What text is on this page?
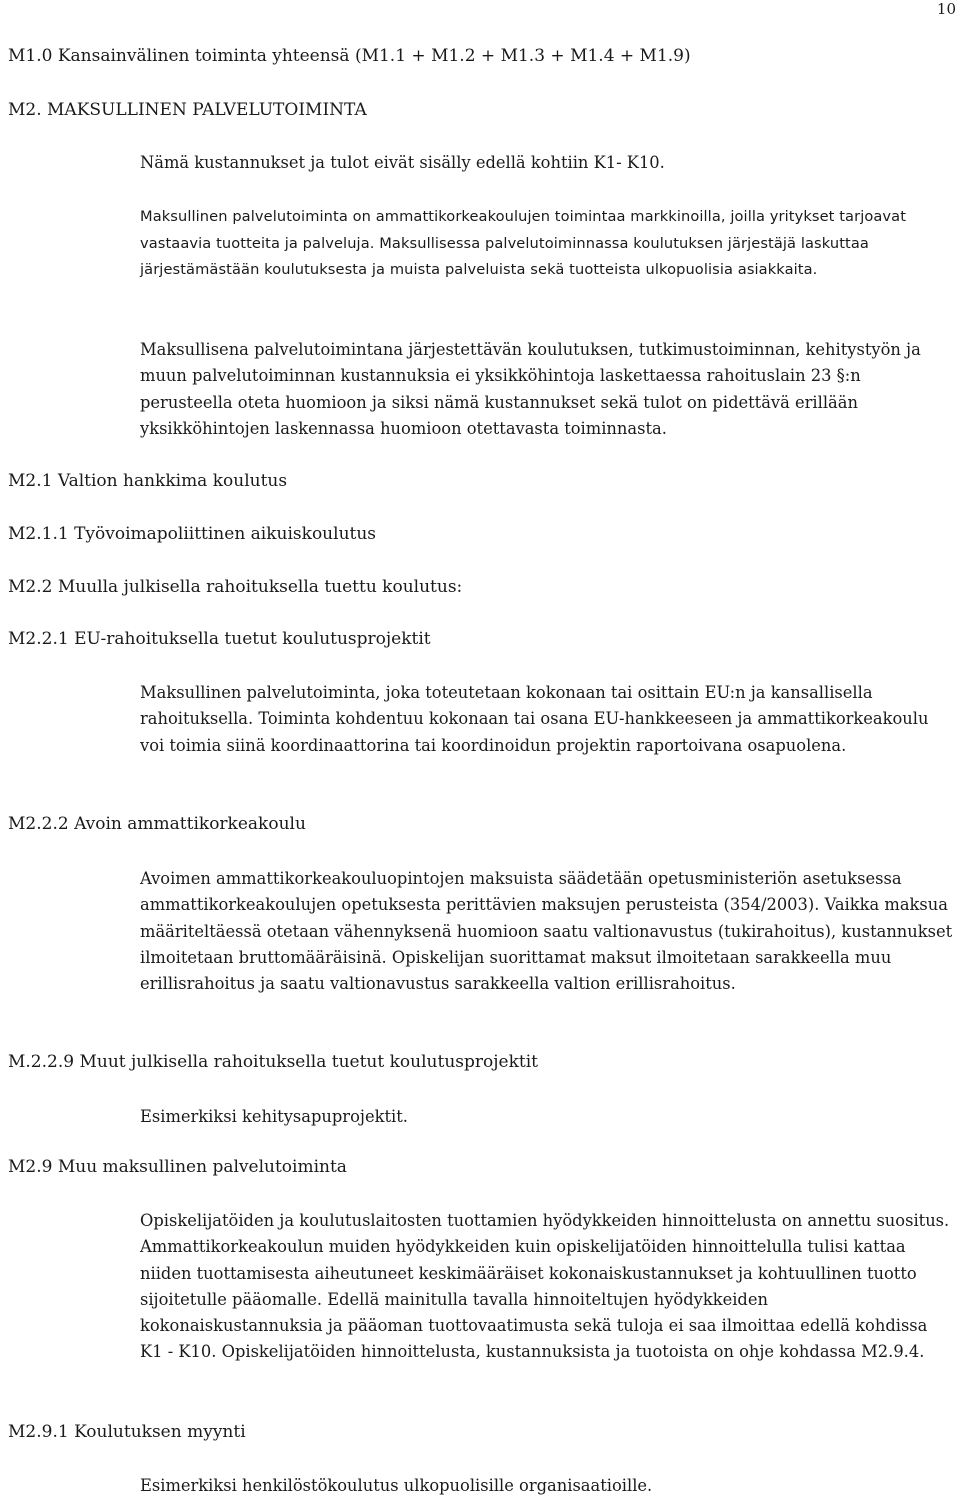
10
M1.0 Kansainvälinen toiminta yhteensä (M1.1 + M1.2 + M1.3 + M1.4 + M1.9)
M2. MAKSULLINEN PALVELUTOIMINTA

Nämä kustannukset ja tulot eivät sisälly edellä kohtiin K1- K10.

Maksullinen palvelutoiminta on ammattikorkeakoulujen toimintaa markkinoilla, joilla yritykset tarjoavat vastaavia tuotteita ja palveluja. Maksullisessa palvelutoiminnassa koulutuksen järjestäjä laskuttaa järjestämästään koulutuksesta ja muista palveluista sekä tuotteista ulkopuolisia asiakkaita.

Maksullisena palvelutoimintana järjestettävän koulutuksen, tutkimustoiminnan, kehitystyön ja muun palvelutoiminnan kustannuksia ei yksikköhintoja laskettaessa rahoituslain 23 §:n perusteella oteta huomioon ja siksi nämä kustannukset sekä tulot on pidettävä erillään yksikköhintojen laskennassa huomioon otettavasta toiminnasta.

M2.1 Valtion hankkima koulutus
M2.1.1 Työvoimapoliittinen aikuiskoulutus
M2.2 Muulla julkisella rahoituksella tuettu koulutus:
M2.2.1 EU-rahoituksella tuetut koulutusprojektit

Maksullinen palvelutoiminta, joka toteutetaan kokonaan tai osittain EU:n ja kansallisella rahoituksella. Toiminta kohdentuu kokonaan tai osana EU-hankkeeseen ja ammattikorkeakoulu voi toimia siinä koordinaattorina tai koordinoidun projektin raportoivana osapuolena.

M2.2.2 Avoin ammattikorkeakoulu

Avoimen ammattikorkeakouluopintojen maksuista säädetään opetusministeriön asetuksessa ammattikorkeakoulujen opetuksesta perittävien maksujen perusteista (354/2003). Vaikka maksua määriteltäessä otetaan vähennyksenä huomioon saatu valtionavustus (tukirahoitus), kustannukset ilmoitetaan bruttomääräisinä. Opiskelijan suorittamat maksut ilmoitetaan sarakkeella muu erillisrahoitus ja saatu valtionavustus sarakkeella valtion erillisrahoitus.

M.2.2.9 Muut julkisella rahoituksella tuetut koulutusprojektit

Esimerkiksi kehitysapuprojektit.

M2.9 Muu maksullinen palvelutoiminta

Opiskelijatöiden ja koulutuslaitosten tuottamien hyödykkeiden hinnoittelusta on annettu suositus. Ammattikorkeakoulun muiden hyödykkeiden kuin opiskelijatöiden hinnoittelulla tulisi kattaa niiden tuottamisesta aiheutuneet keskimääräiset kokonaiskustannukset ja kohtuullinen tuotto sijoitetulle pääomalle. Edellä mainitulla tavalla hinnoiteltujen hyödykkeiden kokonaiskustannuksia ja pääoman tuottovaatimusta sekä tuloja ei saa ilmoittaa edellä kohdissa K1 - K10. Opiskelijatöiden hinnoittelusta, kustannuksista ja tuotoista on ohje kohdassa M2.9.4.

M2.9.1 Koulutuksen myynti

Esimerkiksi henkilöstökoulutus ulkopuolisille organisaatioille.
